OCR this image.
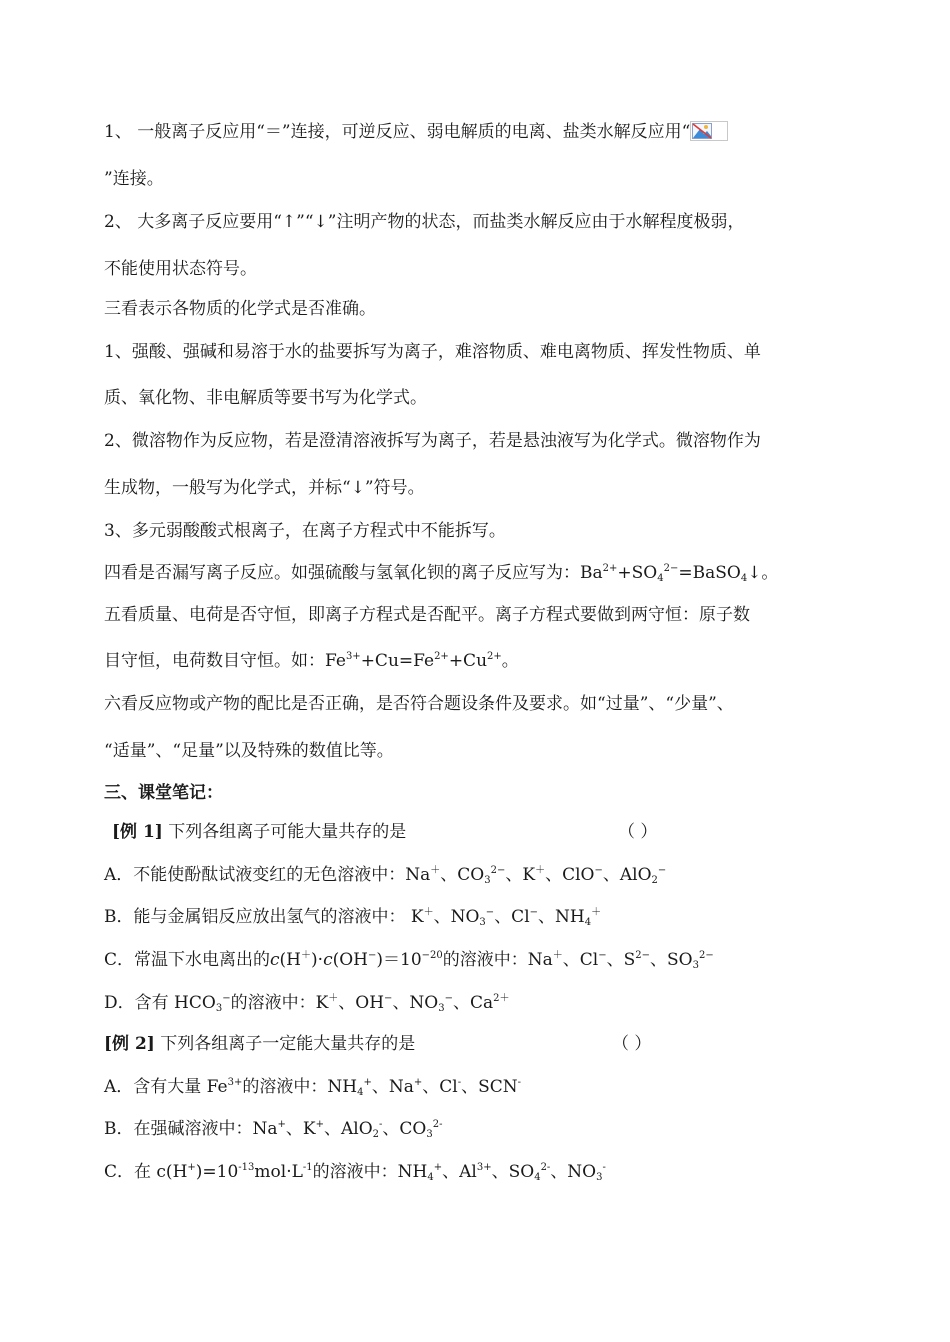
1、 一般离子反应用“＝”连接，可逆反应、弱电解质的电离、盐类水解反应用“
”连接。
2、 大多离子反应要用“↑”“↓”注明产物的状态，而盐类水解反应由于水解程度极弱，
不能使用状态符号。
三看表示各物质的化学式是否准确。
1、强酸、强碱和易溶于水的盐要拆写为离子，难溶物质、难电离物质、挥发性物质、单
质、氧化物、非电解质等要书写为化学式。
2、微溶物作为反应物，若是澄清溶液拆写为离子，若是悬浊液写为化学式。微溶物作为
生成物，一般写为化学式，并标“↓”符号。
3、多元弱酸酸式根离子，在离子方程式中不能拆写。
四看是否漏写离子反应。如强硫酸与氢氧化钡的离子反应写为：$Ba^{2+}+SO_4^{2-}=BaSO_4↓$。
五看质量、电荷是否守恒，即离子方程式是否配平。离子方程式要做到两守恒：原子数
目守恒，电荷数目守恒。如：$Fe^{3+}+Cu=Fe^{2+}+Cu^{2+}$。
六看反应物或产物的配比是否正确，是否符合题设条件及要求。如“过量”、“少量”、
“适量”、“足量”以及特殊的数值比等。
三、课堂笔记：
[例 1] 下列各组离子可能大量共存的是	（ ）
A．不能使酚酞试液变红的无色溶液中：Na＋、$CO_3^{2-}$、K＋、ClO−、AlO$_2$−
B．能与金属铝反应放出氢气的溶液中： K＋、$NO_3^-$、Cl−、$NH_4^+$
C．常温下水电离出的$c(H^+)\cdot c(OH^-)=10^{-20}$的溶液中：Na＋、Cl−、$S^{2-}$、$SO_3^{2-}$
D．含有 $HCO_3^-$的溶液中：K＋、OH−、$NO_3^-$、$Ca^{2+}$
[例 2] 下列各组离子一定能大量共存的是	（ ）
A．含有大量 $Fe^{3+}$的溶液中：$NH_4^+$、Na+、Cl-、SCN-
B．在强碱溶液中：Na+、K+、AlO$_2$-、$CO_3^{2-}$
C．在 $c(H^+)=10^{-13}mol\cdot L^{-1}$的溶液中：$NH_4^+$、$Al^{3+}$、$SO_4^{2-}$、$NO_3^-$
